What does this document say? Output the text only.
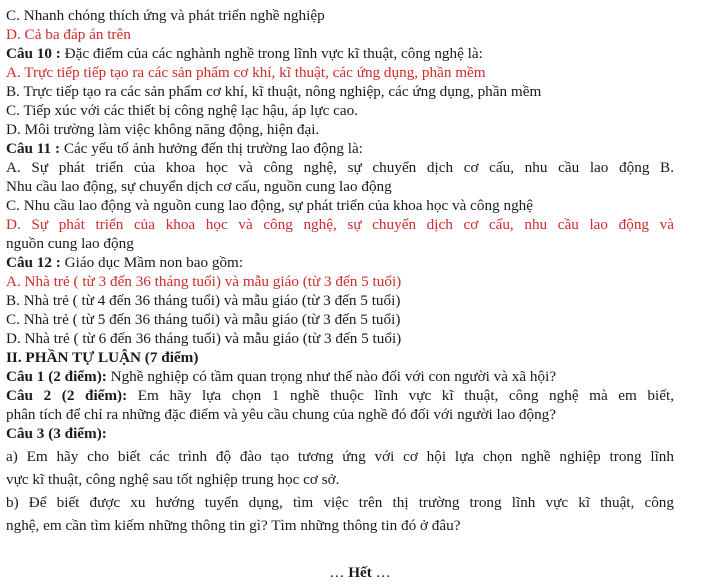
C. Nhanh chóng thích ứng và phát triển nghề nghiệp
D. Cả ba đáp án trên
Câu 10 : Đặc điểm của các nghành nghề trong lĩnh vực kĩ thuật, công nghệ là:
A. Trực tiếp tiếp tạo ra các sản phẩm cơ khí, kĩ thuật, các ứng dụng, phần mềm
B. Trực tiếp tạo ra các sản phẩm cơ khí, kĩ thuật, nông nghiệp, các ứng dụng, phần mềm
C. Tiếp xúc với các thiết bị công nghệ lạc hậu, áp lực cao.
D. Môi trường làm việc không năng động, hiện đại.
Câu 11 : Các yếu tố ảnh hưởng đến thị trường lao động là:
A. Sự phát triển của khoa học và công nghệ, sự chuyển dịch cơ cấu, nhu cầu lao động B.
Nhu cầu lao động, sự chuyển dịch cơ cấu, nguồn cung lao động
C. Nhu cầu lao động và nguồn cung lao động, sự phát triển của khoa học và công nghệ
D. Sự phát triển của khoa học và công nghệ, sự chuyển dịch cơ cấu, nhu cầu lao động và
nguồn cung lao động
Câu 12 : Giáo dục Mầm non bao gồm:
A. Nhà trẻ ( từ 3 đến 36 tháng tuổi) và mẫu giáo (từ 3 đến 5 tuổi)
B. Nhà trẻ ( từ 4 đến 36 tháng tuổi) và mẫu giáo (từ 3 đến 5 tuổi)
C. Nhà trẻ ( từ 5 đến 36 tháng tuổi) và mẫu giáo (từ 3 đến 5 tuổi)
D. Nhà trẻ ( từ 6 đến 36 tháng tuổi) và mẫu giáo (từ 3 đến 5 tuổi)
II. PHẦN TỰ LUẬN (7 điểm)
Câu 1 (2 điểm): Nghề nghiệp có tầm quan trọng như thế nào đối với con người và xã hội?
Câu 2 (2 điểm): Em hãy lựa chọn 1 nghề thuộc lĩnh vực kĩ thuật, công nghệ mà em biết,
phân tích để chỉ ra những đặc điểm và yêu cầu chung của nghề đó đối với người lao động?
Câu 3 (3 điểm):
a) Em hãy cho biết các trình độ đào tạo tương ứng với cơ hội lựa chọn nghề nghiệp trong lĩnh
vực kĩ thuật, công nghệ sau tốt nghiệp trung học cơ sở.
b) Để biết được xu hướng tuyển dụng, tìm việc trên thị trường trong lĩnh vực kĩ thuật, công
nghệ, em cần tìm kiếm những thông tin gì? Tìm những thông tin đó ở đâu?
… Hết …
